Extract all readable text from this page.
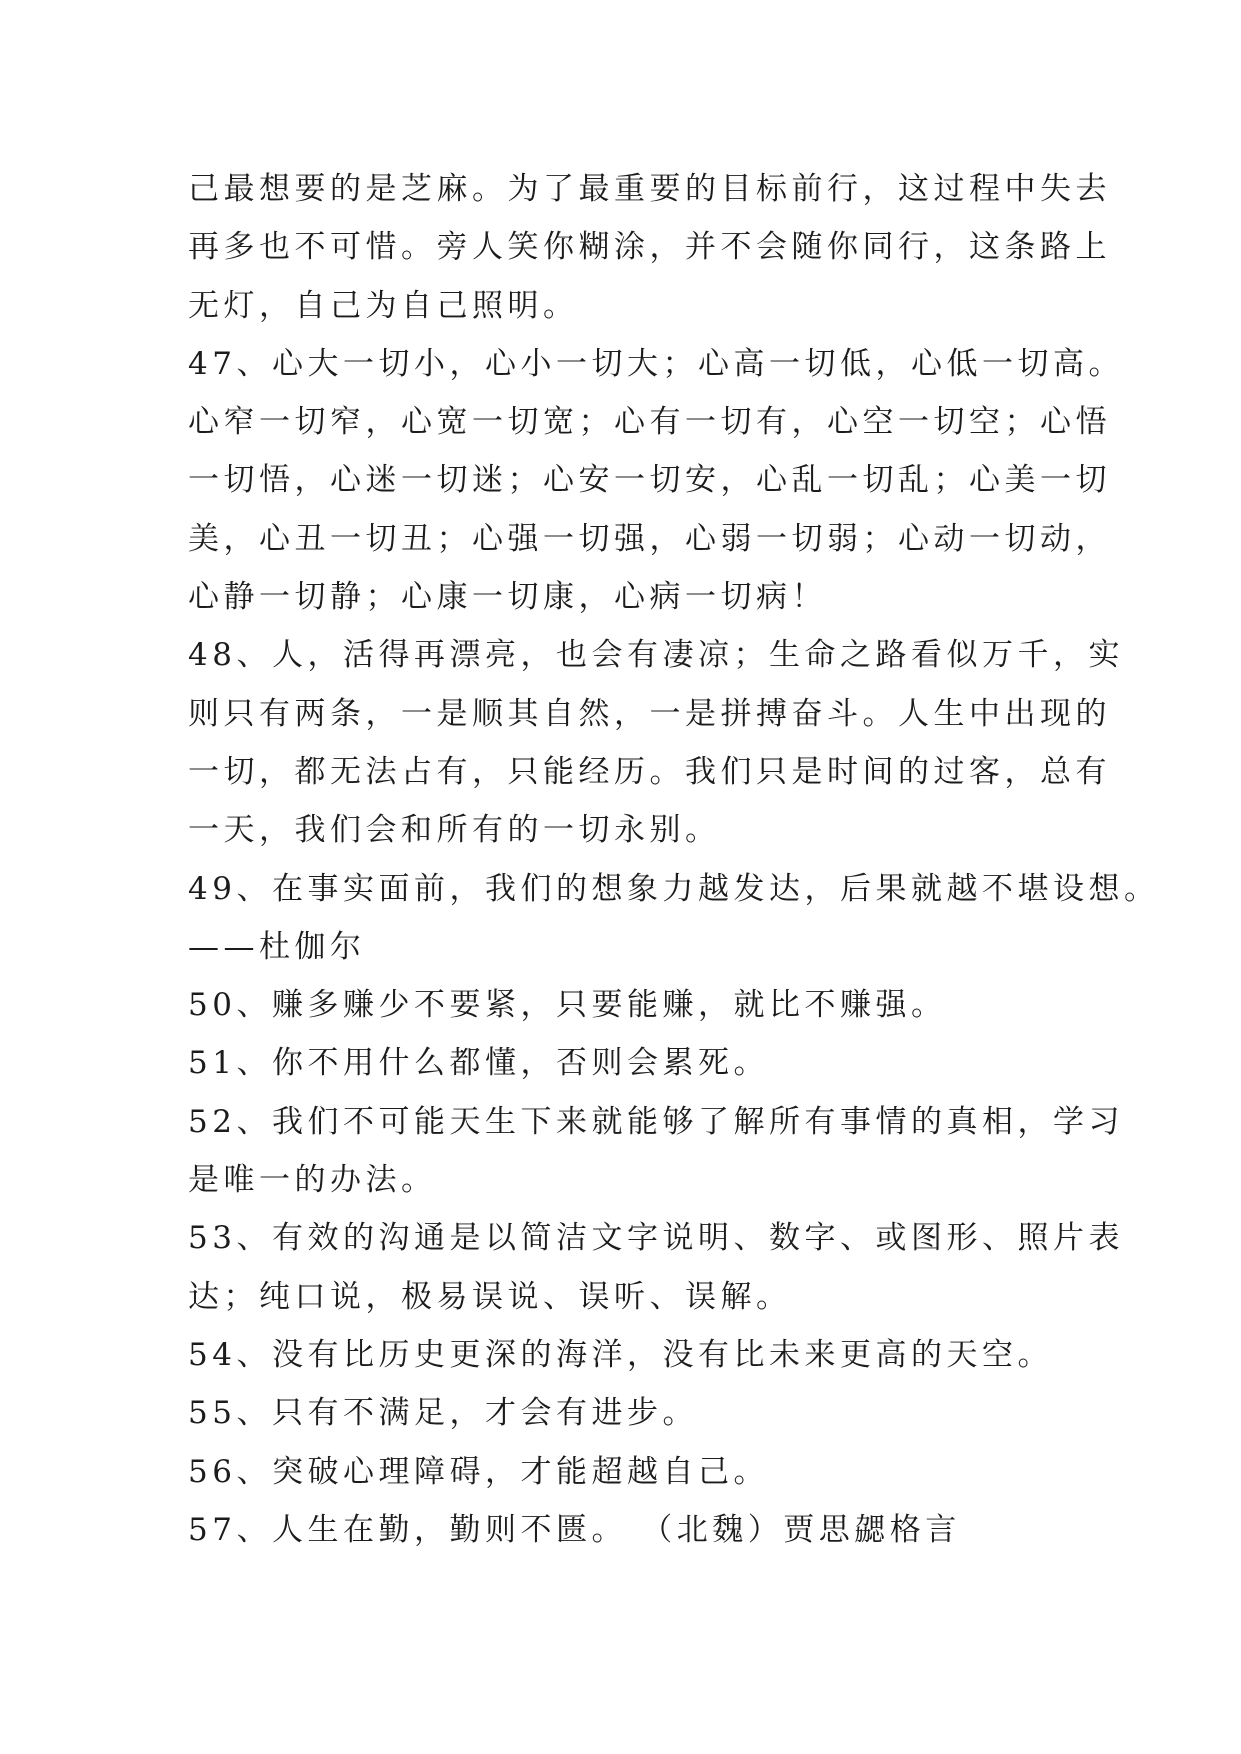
己最想要的是芝麻。为了最重要的目标前行，这过程中失去
再多也不可惜。旁人笑你糊涂，并不会随你同行，这条路上
无灯，自己为自己照明。
47、心大一切小，心小一切大；心高一切低，心低一切高。
心窄一切窄，心宽一切宽；心有一切有，心空一切空；心悟
一切悟，心迷一切迷；心安一切安，心乱一切乱；心美一切
美，心丑一切丑；心强一切强，心弱一切弱；心动一切动，
心静一切静；心康一切康，心病一切病！
48、人，活得再漂亮，也会有凄凉；生命之路看似万千，实
则只有两条，一是顺其自然，一是拼搏奋斗。人生中出现的
一切，都无法占有，只能经历。我们只是时间的过客，总有
一天，我们会和所有的一切永别。
49、在事实面前，我们的想象力越发达，后果就越不堪设想。
——杜伽尔
50、赚多赚少不要紧，只要能赚，就比不赚强。
51、你不用什么都懂，否则会累死。
52、我们不可能天生下来就能够了解所有事情的真相，学习
是唯一的办法。
53、有效的沟通是以简洁文字说明、数字、或图形、照片表
达；纯口说，极易误说、误听、误解。
54、没有比历史更深的海洋，没有比未来更高的天空。
55、只有不满足，才会有进步。
56、突破心理障碍，才能超越自己。
57、人生在勤，勤则不匮。 （北魏）贾思勰格言
